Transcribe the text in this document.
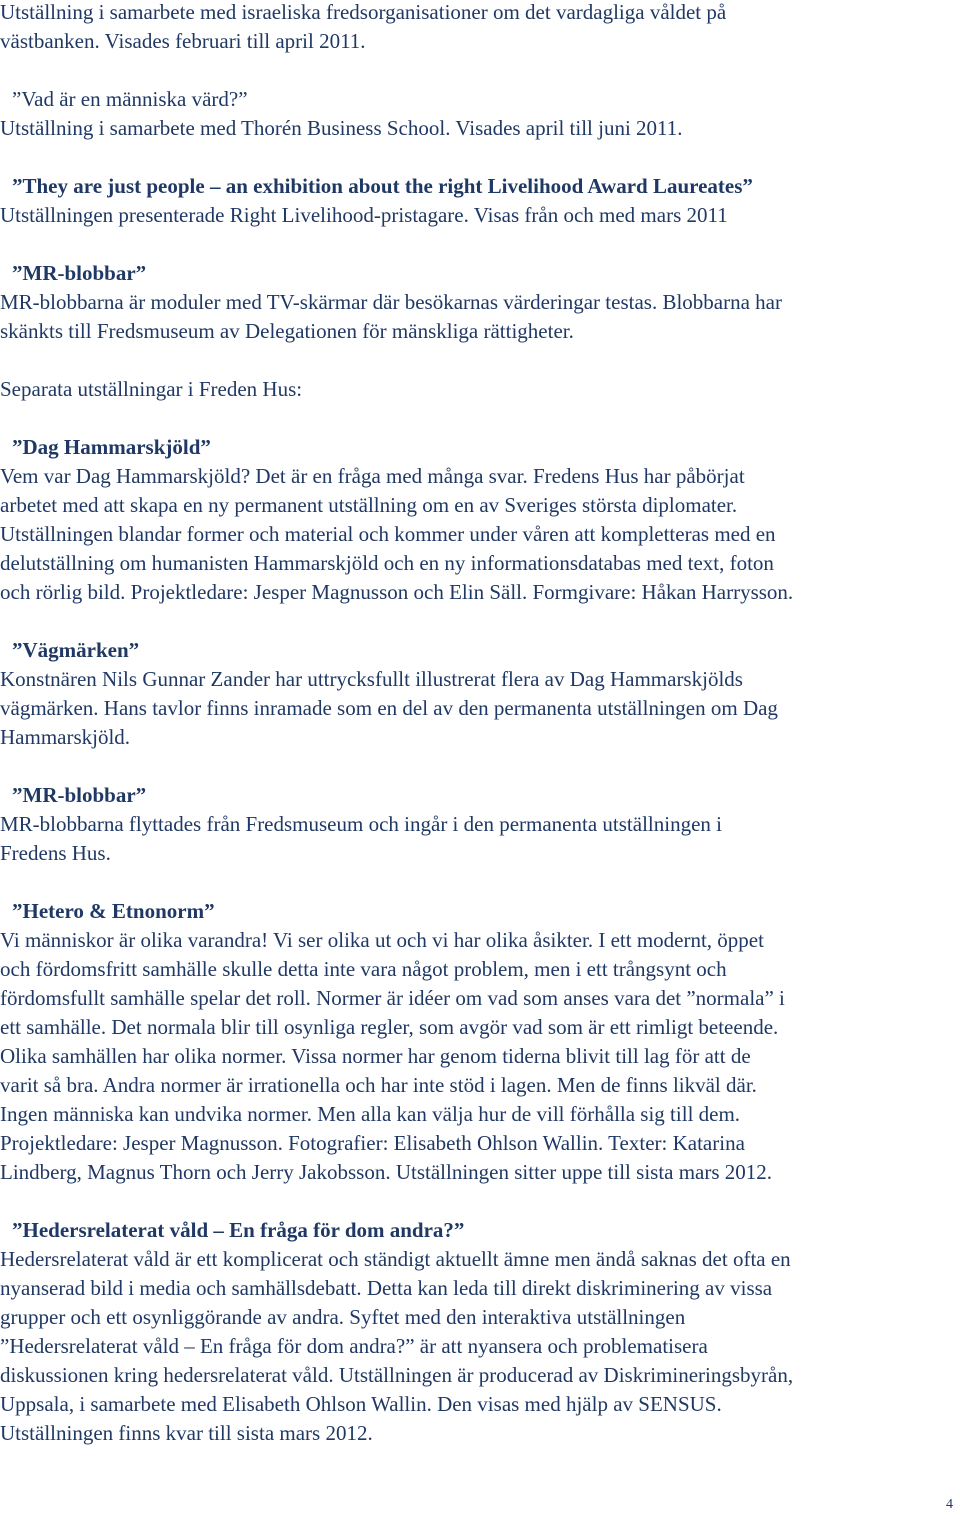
Utställning i samarbete med israeliska fredsorganisationer om det vardagliga våldet på
västbanken. Visades februari till april 2011.
”Vad är en människa värd?”
Utställning i samarbete med Thorén Business School. Visades april till juni 2011.
”They are just people – an exhibition about the right Livelihood Award Laureates”
Utställningen presenterade Right Livelihood-pristagare. Visas från och med mars 2011
”MR-blobbar”
MR-blobbarna är moduler med TV-skärmar där besökarnas värderingar testas. Blobbarna har
skänkts till Fredsmuseum av Delegationen för mänskliga rättigheter.
Separata utställningar i Freden Hus:
”Dag Hammarskjöld”
Vem var Dag Hammarskjöld? Det är en fråga med många svar. Fredens Hus har påbörjat
arbetet med att skapa en ny permanent utställning om en av Sveriges största diplomater.
Utställningen blandar former och material och kommer under våren att kompletteras med en
delutställning om humanisten Hammarskjöld och en ny informationsdatabas med text, foton
och rörlig bild. Projektledare: Jesper Magnusson och Elin Säll. Formgivare: Håkan Harrysson.
”Vägmärken”
Konstnären Nils Gunnar Zander har uttrycksfullt illustrerat flera av Dag Hammarskjölds
vägmärken. Hans tavlor finns inramade som en del av den permanenta utställningen om Dag
Hammarskjöld.
”MR-blobbar”
MR-blobbarna flyttades från Fredsmuseum och ingår i den permanenta utställningen i
Fredens Hus.
”Hetero & Etnonorm”
Vi människor är olika varandra! Vi ser olika ut och vi har olika åsikter. I ett modernt, öppet
och fördomsfritt samhälle skulle detta inte vara något problem, men i ett trångsynt och
fördomsfullt samhälle spelar det roll. Normer är idéer om vad som anses vara det ”normala” i
ett samhälle. Det normala blir till osynliga regler, som avgör vad som är ett rimligt beteende.
Olika samhällen har olika normer. Vissa normer har genom tiderna blivit till lag för att de
varit så bra. Andra normer är irrationella och har inte stöd i lagen. Men de finns likväl där.
Ingen människa kan undvika normer. Men alla kan välja hur de vill förhålla sig till dem.
Projektledare: Jesper Magnusson. Fotografier: Elisabeth Ohlson Wallin. Texter: Katarina
Lindberg, Magnus Thorn och Jerry Jakobsson. Utställningen sitter uppe till sista mars 2012.
”Hedersrelaterat våld – En fråga för dom andra?”
Hedersrelaterat våld är ett komplicerat och ständigt aktuellt ämne men ändå saknas det ofta en
nyanserad bild i media och samhällsdebatt. Detta kan leda till direkt diskriminering av vissa
grupper och ett osynliggörande av andra. Syftet med den interaktiva utställningen
”Hedersrelaterat våld – En fråga för dom andra?” är att nyansera och problematisera
diskussionen kring hedersrelaterat våld. Utställningen är producerad av Diskrimineringsbyrån,
Uppsala, i samarbete med Elisabeth Ohlson Wallin. Den visas med hjälp av SENSUS.
Utställningen finns kvar till sista mars 2012.
4
